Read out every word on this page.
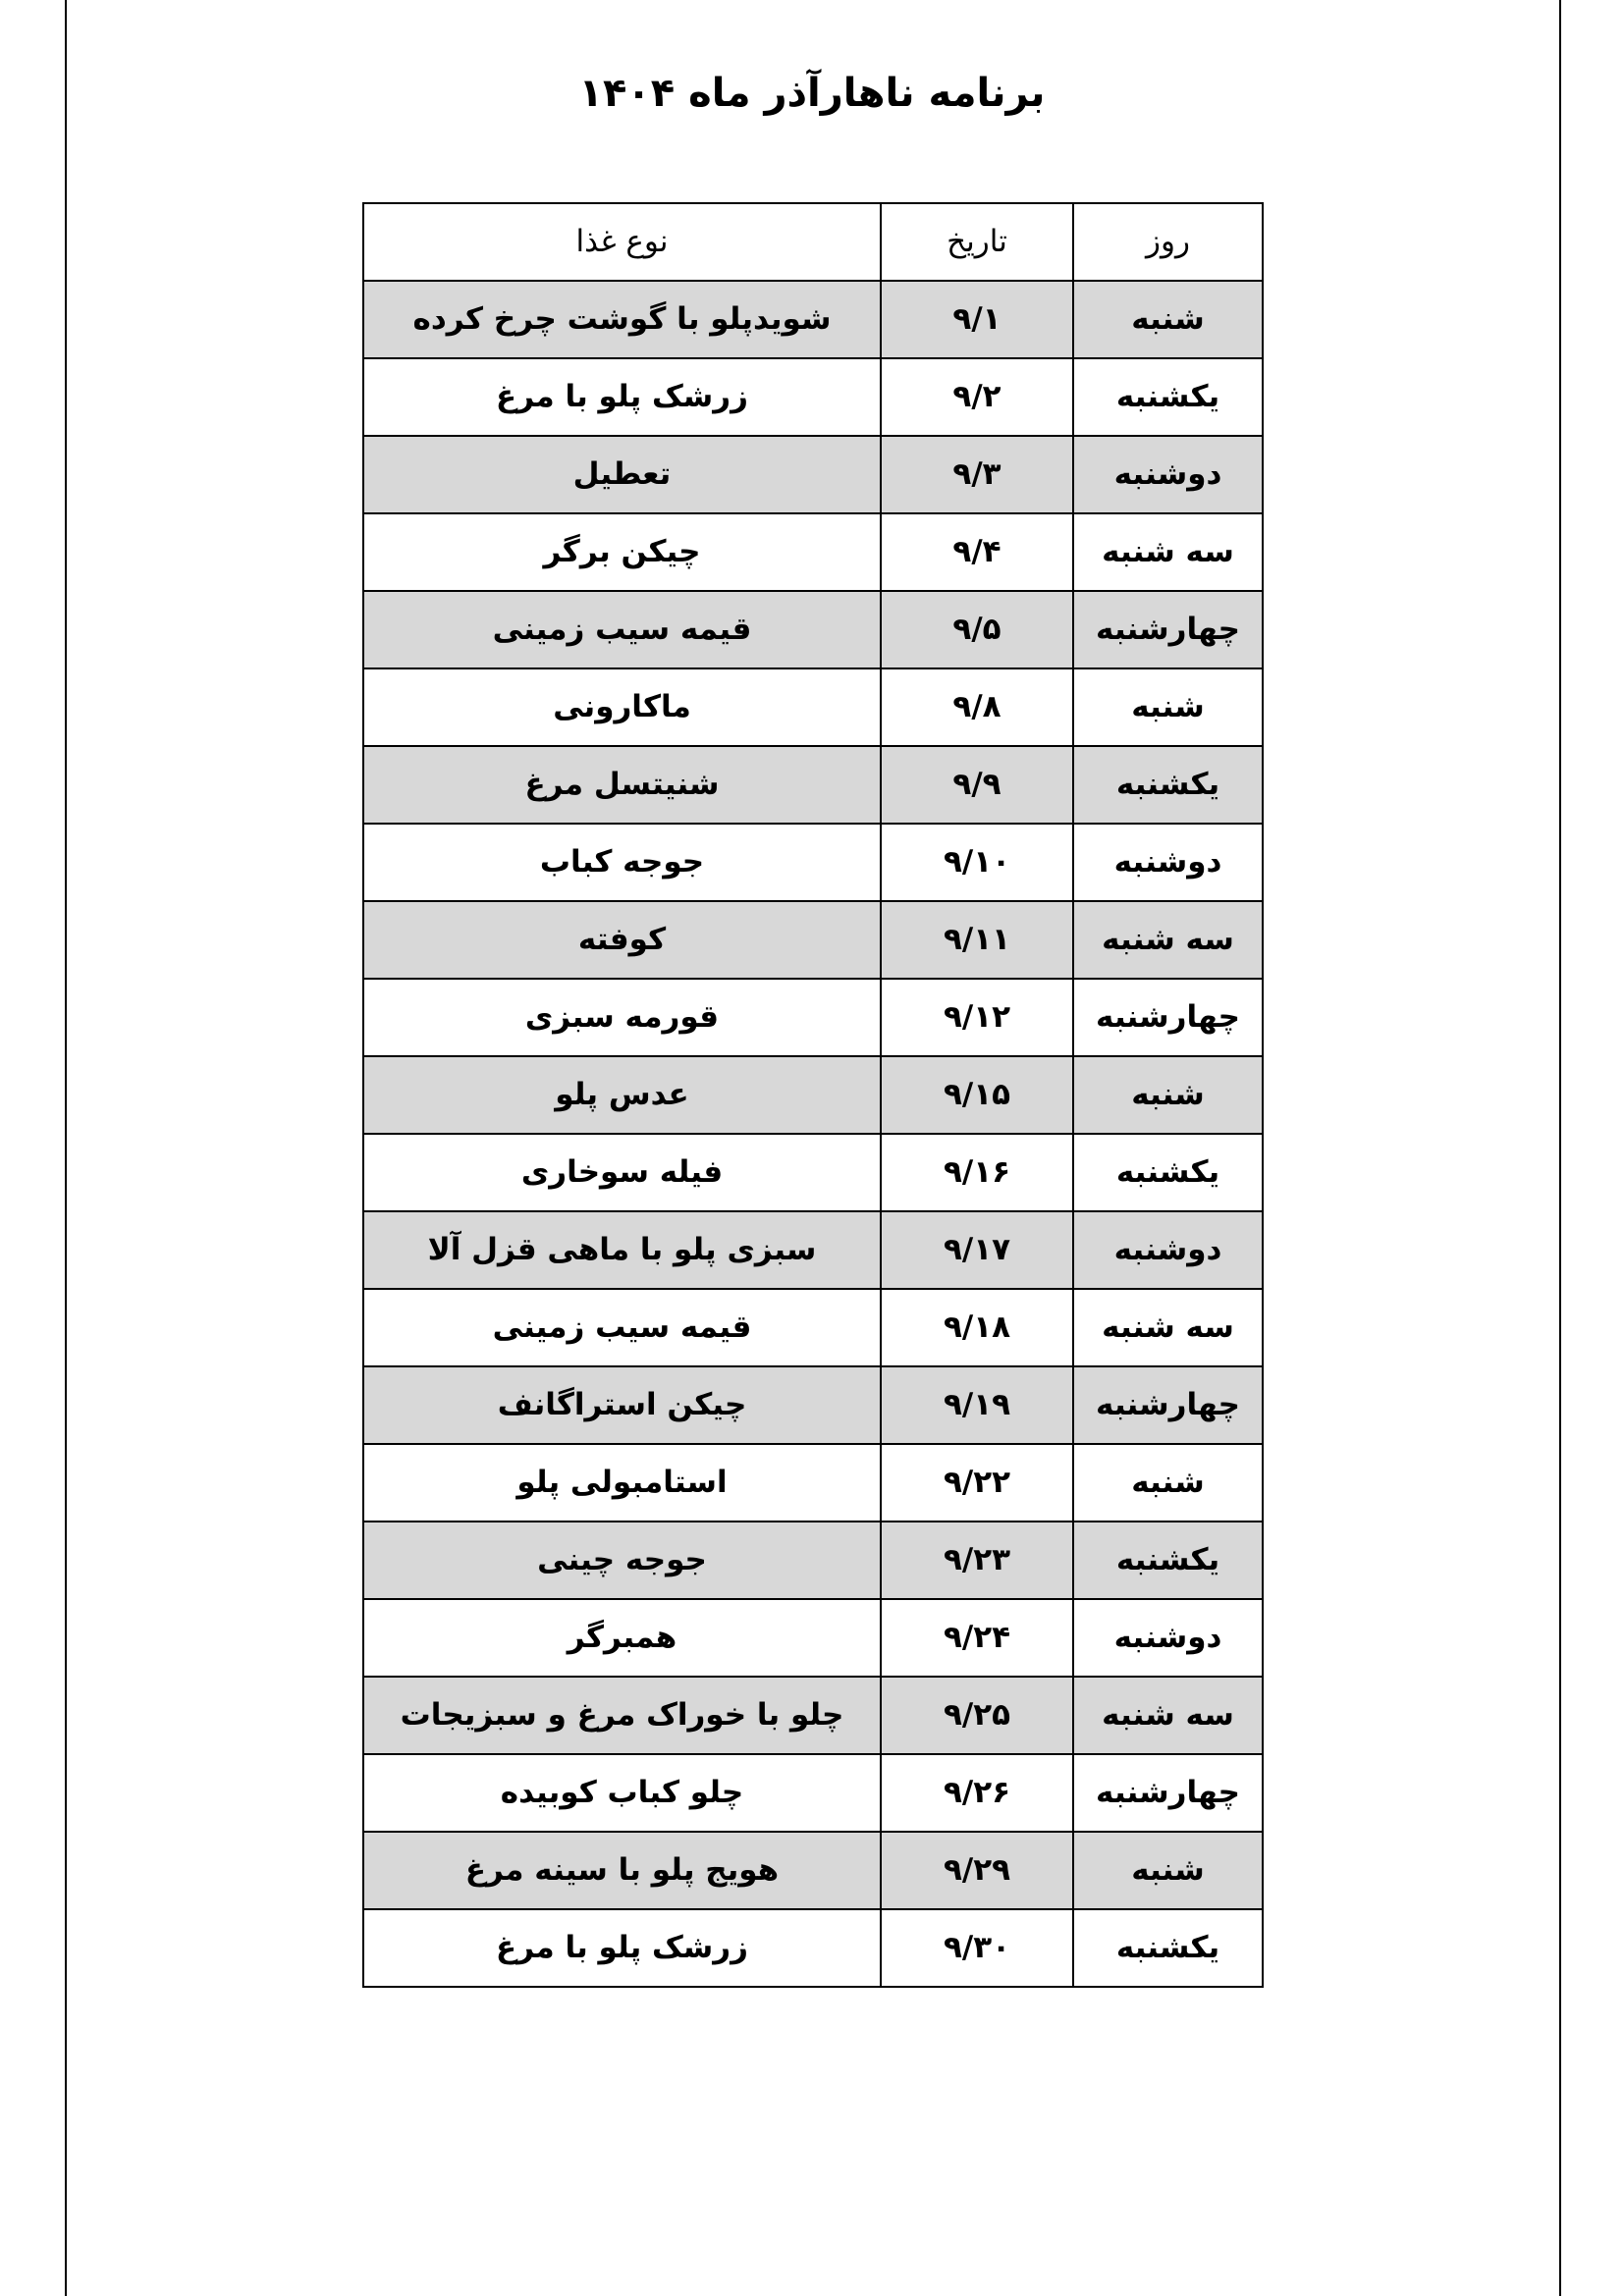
برنامه ناهارآذر ماه ۱۴۰۴
روز	تاریخ	نوع غذا
شنبه	۹/۱	شویدپلو با گوشت چرخ کرده
یکشنبه	۹/۲	زرشک پلو با مرغ
دوشنبه	۹/۳	تعطیل
سه شنبه	۹/۴	چیکن برگر
چهارشنبه	۹/۵	قیمه سیب زمینی
شنبه	۹/۸	ماکارونی
یکشنبه	۹/۹	شنیتسل مرغ
دوشنبه	۹/۱۰	جوجه کباب
سه شنبه	۹/۱۱	کوفته
چهارشنبه	۹/۱۲	قورمه سبزی
شنبه	۹/۱۵	عدس پلو
یکشنبه	۹/۱۶	فیله سوخاری
دوشنبه	۹/۱۷	سبزی پلو با ماهی قزل آلا
سه شنبه	۹/۱۸	قیمه سیب زمینی
چهارشنبه	۹/۱۹	چیکن استراگانف
شنبه	۹/۲۲	استامبولی پلو
یکشنبه	۹/۲۳	جوجه چینی
دوشنبه	۹/۲۴	همبرگر
سه شنبه	۹/۲۵	چلو با خوراک مرغ و سبزیجات
چهارشنبه	۹/۲۶	چلو کباب کوبیده
شنبه	۹/۲۹	هویج پلو با سینه مرغ
یکشنبه	۹/۳۰	زرشک پلو با مرغ
